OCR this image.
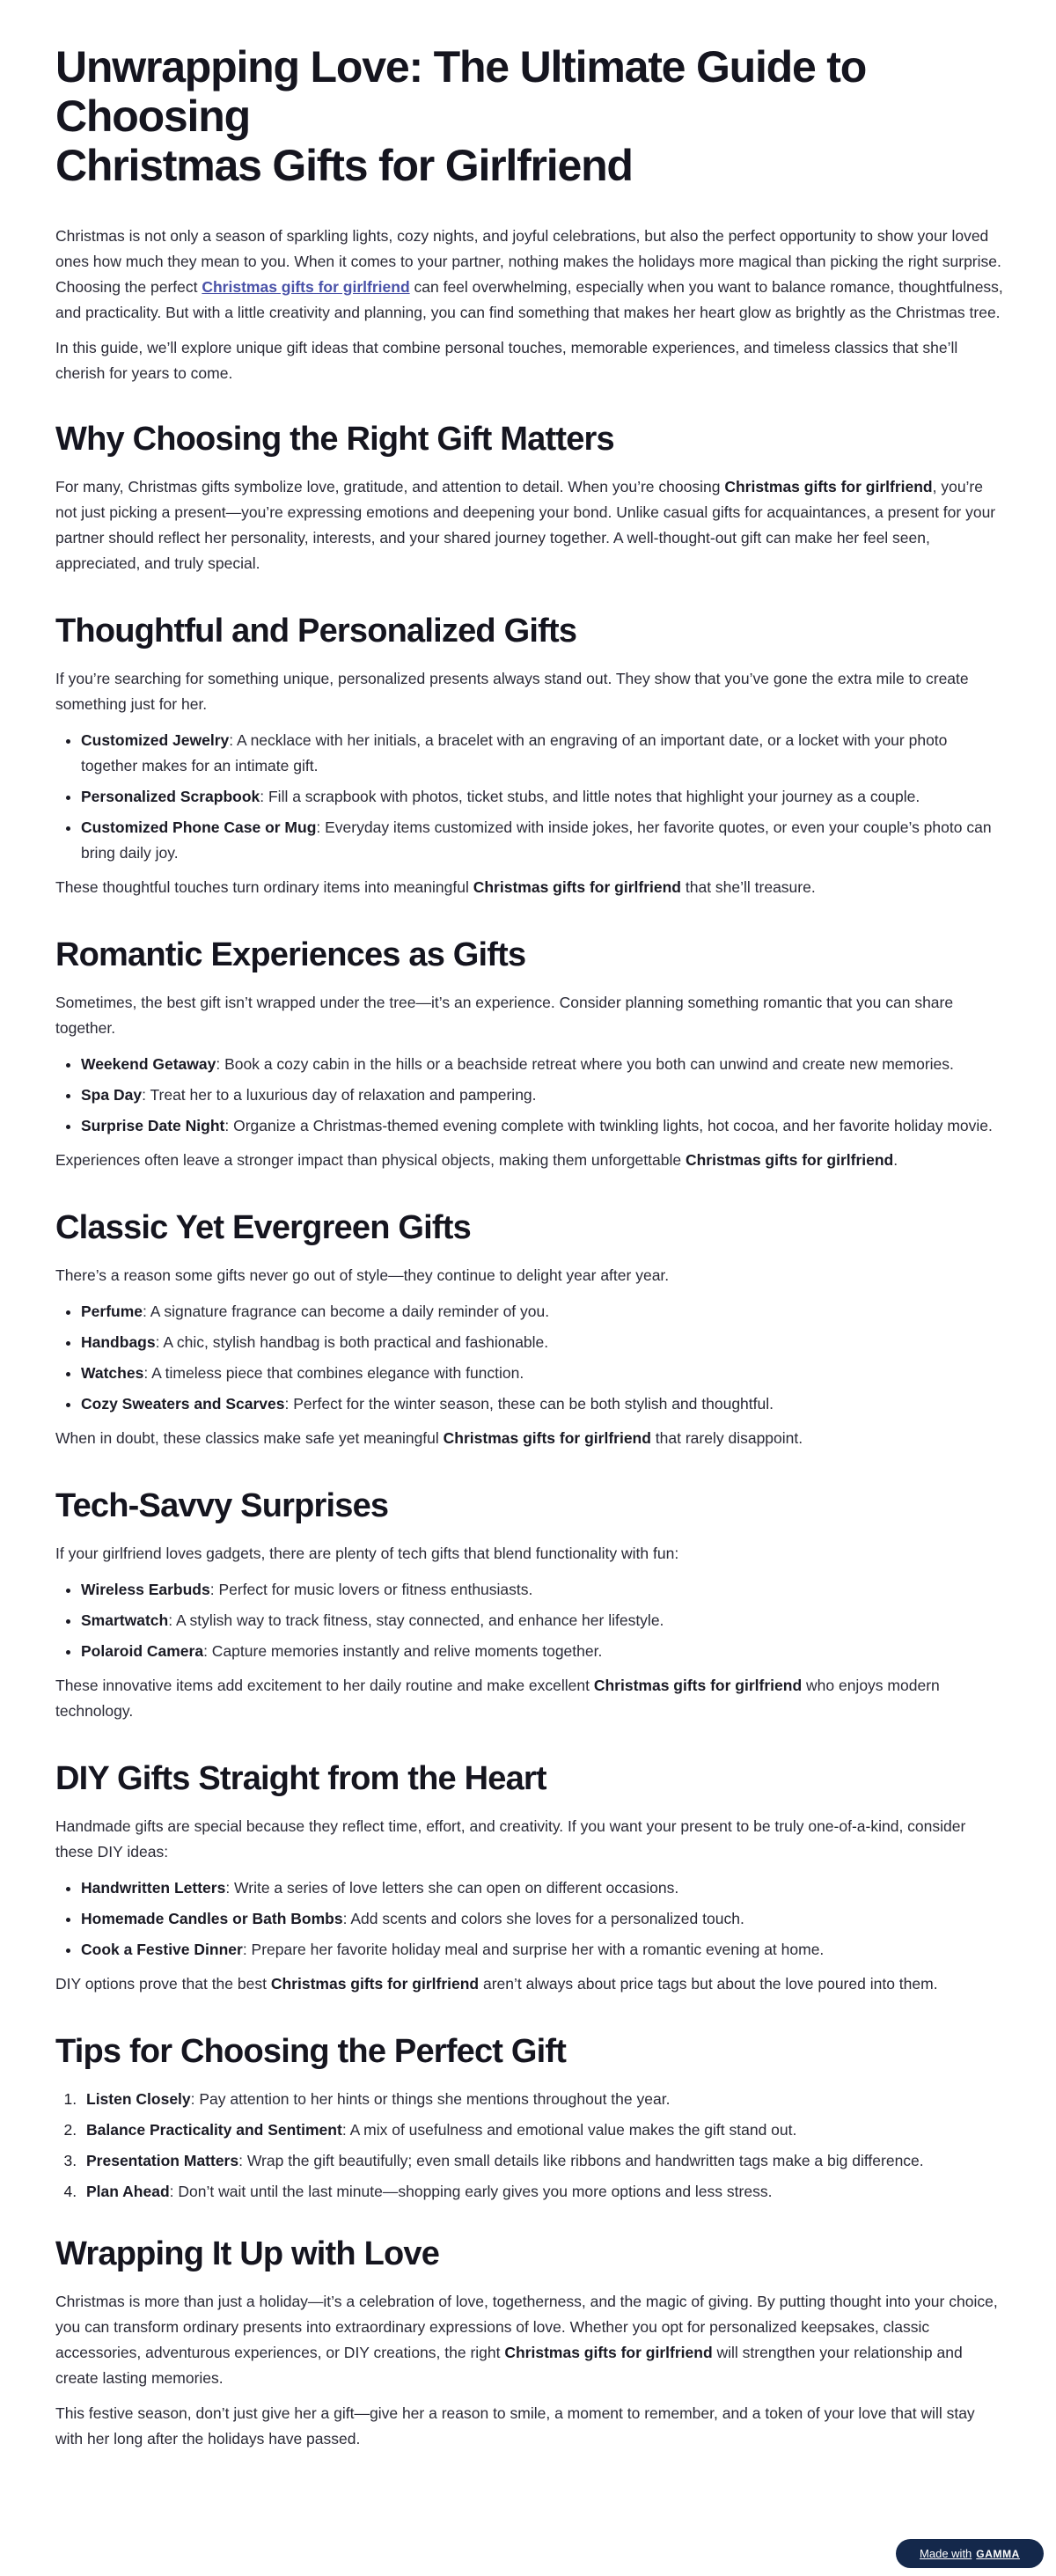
Unwrapping Love: The Ultimate Guide to Choosing
Christmas Gifts for Girlfriend

Christmas is not only a season of sparkling lights, cozy nights, and joyful celebrations, but also the perfect opportunity to show your loved ones how much they mean to you. When it comes to your partner, nothing makes the holidays more magical than picking the right surprise. Choosing the perfect Christmas gifts for girlfriend can feel overwhelming, especially when you want to balance romance, thoughtfulness, and practicality. But with a little creativity and planning, you can find something that makes her heart glow as brightly as the Christmas tree.

In this guide, we’ll explore unique gift ideas that combine personal touches, memorable experiences, and timeless classics that she’ll cherish for years to come.

Why Choosing the Right Gift Matters

For many, Christmas gifts symbolize love, gratitude, and attention to detail. When you’re choosing Christmas gifts for girlfriend, you’re not just picking a present—you’re expressing emotions and deepening your bond. Unlike casual gifts for acquaintances, a present for your partner should reflect her personality, interests, and your shared journey together. A well-thought-out gift can make her feel seen, appreciated, and truly special.

Thoughtful and Personalized Gifts

If you’re searching for something unique, personalized presents always stand out. They show that you’ve gone the extra mile to create something just for her.

• Customized Jewelry: A necklace with her initials, a bracelet with an engraving of an important date, or a locket with your photo together makes for an intimate gift.
• Personalized Scrapbook: Fill a scrapbook with photos, ticket stubs, and little notes that highlight your journey as a couple.
• Customized Phone Case or Mug: Everyday items customized with inside jokes, her favorite quotes, or even your couple’s photo can bring daily joy.

These thoughtful touches turn ordinary items into meaningful Christmas gifts for girlfriend that she’ll treasure.

Romantic Experiences as Gifts

Sometimes, the best gift isn’t wrapped under the tree—it’s an experience. Consider planning something romantic that you can share together.

• Weekend Getaway: Book a cozy cabin in the hills or a beachside retreat where you both can unwind and create new memories.
• Spa Day: Treat her to a luxurious day of relaxation and pampering.
• Surprise Date Night: Organize a Christmas-themed evening complete with twinkling lights, hot cocoa, and her favorite holiday movie.

Experiences often leave a stronger impact than physical objects, making them unforgettable Christmas gifts for girlfriend.

Classic Yet Evergreen Gifts

There’s a reason some gifts never go out of style—they continue to delight year after year.

• Perfume: A signature fragrance can become a daily reminder of you.
• Handbags: A chic, stylish handbag is both practical and fashionable.
• Watches: A timeless piece that combines elegance with function.
• Cozy Sweaters and Scarves: Perfect for the winter season, these can be both stylish and thoughtful.

When in doubt, these classics make safe yet meaningful Christmas gifts for girlfriend that rarely disappoint.

Tech-Savvy Surprises

If your girlfriend loves gadgets, there are plenty of tech gifts that blend functionality with fun:

• Wireless Earbuds: Perfect for music lovers or fitness enthusiasts.
• Smartwatch: A stylish way to track fitness, stay connected, and enhance her lifestyle.
• Polaroid Camera: Capture memories instantly and relive moments together.

These innovative items add excitement to her daily routine and make excellent Christmas gifts for girlfriend who enjoys modern technology.

DIY Gifts Straight from the Heart

Handmade gifts are special because they reflect time, effort, and creativity. If you want your present to be truly one-of-a-kind, consider these DIY ideas:

• Handwritten Letters: Write a series of love letters she can open on different occasions.
• Homemade Candles or Bath Bombs: Add scents and colors she loves for a personalized touch.
• Cook a Festive Dinner: Prepare her favorite holiday meal and surprise her with a romantic evening at home.

DIY options prove that the best Christmas gifts for girlfriend aren’t always about price tags but about the love poured into them.

Tips for Choosing the Perfect Gift
1. Listen Closely: Pay attention to her hints or things she mentions throughout the year.
2. Balance Practicality and Sentiment: A mix of usefulness and emotional value makes the gift stand out.
3. Presentation Matters: Wrap the gift beautifully; even small details like ribbons and handwritten tags make a big difference.
4. Plan Ahead: Don’t wait until the last minute—shopping early gives you more options and less stress.
Wrapping It Up with Love

Christmas is more than just a holiday—it’s a celebration of love, togetherness, and the magic of giving. By putting thought into your choice, you can transform ordinary presents into extraordinary expressions of love. Whether you opt for personalized keepsakes, classic accessories, adventurous experiences, or DIY creations, the right Christmas gifts for girlfriend will strengthen your relationship and create lasting memories.

This festive season, don’t just give her a gift—give her a reason to smile, a moment to remember, and a token of your love that will stay with her long after the holidays have passed.

Made with GAMMA
